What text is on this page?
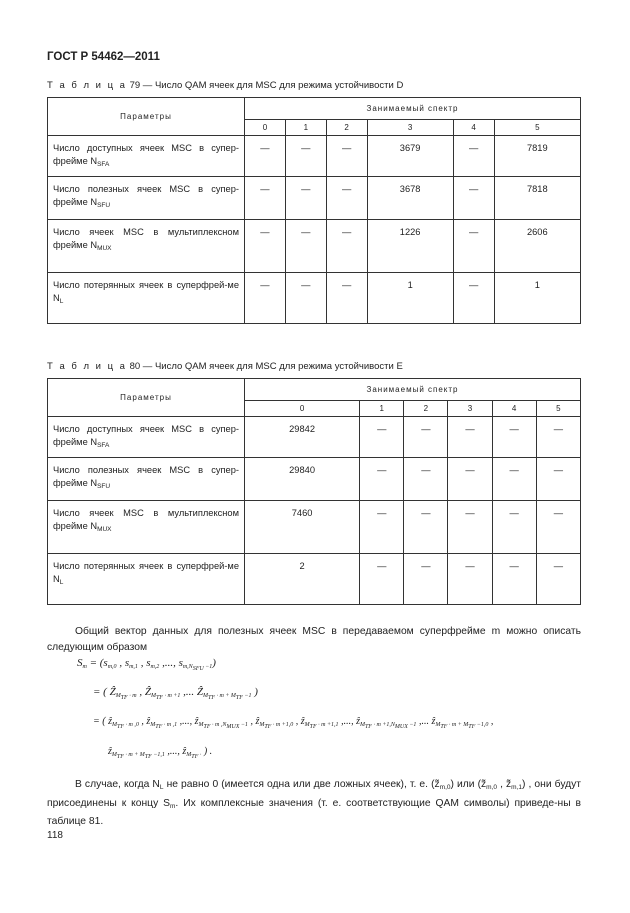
ГОСТ Р 54462—2011
Т а б л и ц а 79 — Число QAM ячеек для MSC для режима устойчивости D
Параметры	Занимаемый спектр					
	0	1	2	3	4	5
Число доступных ячеек MSC в супер-фрейме $N_{SFA}$	—	—	—	3679	—	7819
Число полезных ячеек MSC в супер-фрейме $N_{SFU}$	—	—	—	3678	—	7818
Число ячеек MSC в мультиплексном фрейме $N_{MUX}$	—	—	—	1226	—	2606
Число потерянных ячеек в суперфрей-ме $N_L$	—	—	—	1	—	1
Т а б л и ц а 80 — Число QAM ячеек для MSC для режима устойчивости E
Параметры	Занимаемый спектр					
	0	1	2	3	4	5
Число доступных ячеек MSC в супер-фрейме $N_{SFA}$	29842	—	—	—	—	—
Число полезных ячеек MSC в супер-фрейме $N_{SFU}$	29840	—	—	—	—	—
Число ячеек MSC в мультиплексном фрейме $N_{MUX}$	7460	—	—	—	—	—
Число потерянных ячеек в суперфрей-ме $N_L$	2	—	—	—	—	—
Общий вектор данных для полезных ячеек MSC в передаваемом суперфрейме m можно описать следующим образом
$S_m = (s_{m,0}$ , $s_{m,1}$ , $s_{m,2}$ ,..., $s_{m,N_{SFU} -1}$)
= ( Ẑ$_{M_{TF} \cdot m}$ , Ẑ$_{M_{TF} \cdot m +1}$ ,... Ẑ$_{M_{TF} \cdot m + M_{TF} -1}$ )
= ( ẑ$_{M_{TF} \cdot m ,0}$ , ẑ$_{M_{TF} \cdot m ,1}$ ,..., ẑ$_{M_{TF} \cdot m ,N_{MUX} -1}$ , ẑ$_{M_{TF} \cdot m +1,0}$ , ẑ$_{M_{TF} \cdot m +1,1}$ ,..., ẑ$_{M_{TF} \cdot m +1,N_{MUX} -1}$ ,... ẑ$_{M_{TF} \cdot m + M_{TF} -1,0}$ ,
ẑ$_{M_{TF} \cdot m + M_{TF} -1,1}$ ,..., ẑ$_{M_{TF} \cdot}$ ) .
В случае, когда $N_L$ не равно 0 (имеется одна или две ложных ячеек), т. е. $(z̃_{m,0})$ или ($z̃_{m,0}$ , $z̃_{m,1}$) , они будут присоединены к концу $S_m$. Их комплексные значения (т. е. соответствующие QAM символы) приведе-ны в таблице 81.
118
